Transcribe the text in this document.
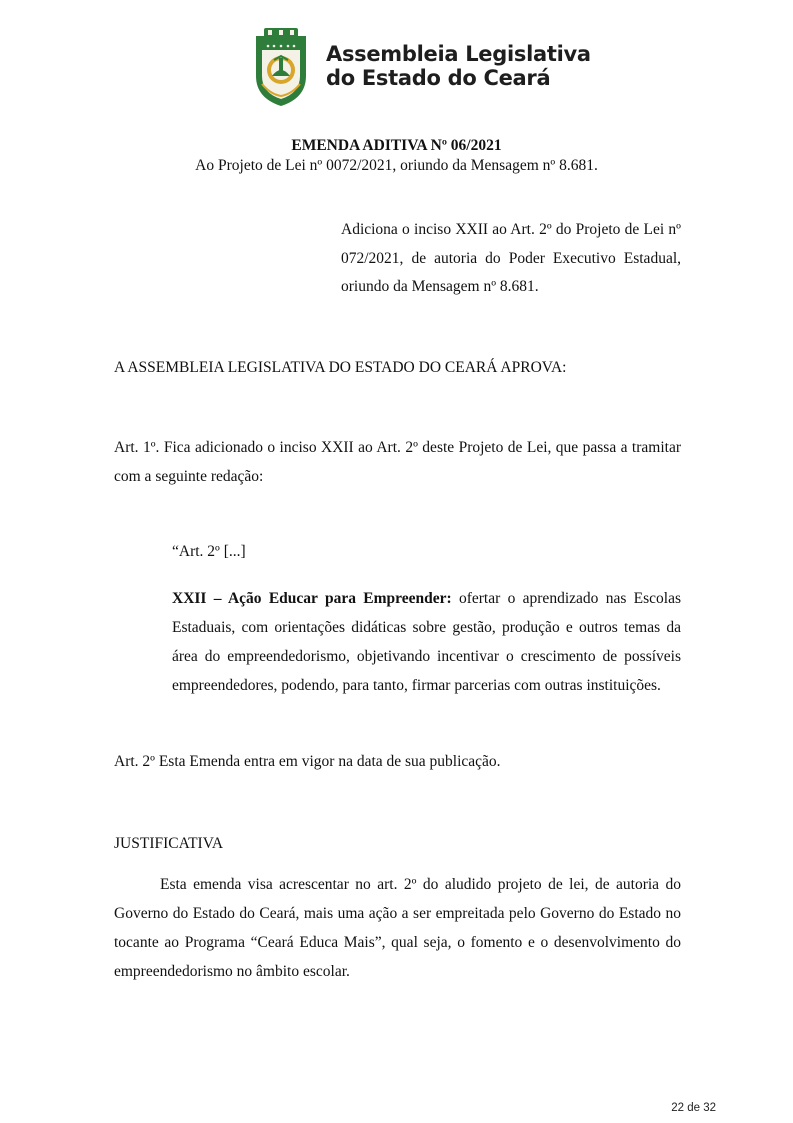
Assembleia Legislativa
do Estado do Ceará
EMENDA ADITIVA Nº 06/2021
Ao Projeto de Lei nº 0072/2021, oriundo da Mensagem nº 8.681.
Adiciona o inciso XXII ao Art. 2º do Projeto de Lei nº 072/2021, de autoria do Poder Executivo Estadual, oriundo da Mensagem nº 8.681.
A ASSEMBLEIA LEGISLATIVA DO ESTADO DO CEARÁ APROVA:
Art. 1º. Fica adicionado o inciso XXII ao Art. 2º deste Projeto de Lei, que passa a tramitar com a seguinte redação:
“Art. 2º [...]
XXII – Ação Educar para Empreender: ofertar o aprendizado nas Escolas Estaduais, com orientações didáticas sobre gestão, produção e outros temas da área do empreendedorismo, objetivando incentivar o crescimento de possíveis empreendedores, podendo, para tanto, firmar parcerias com outras instituições.
Art. 2º Esta Emenda entra em vigor na data de sua publicação.
JUSTIFICATIVA
Esta emenda visa acrescentar no art. 2º do aludido projeto de lei, de autoria do Governo do Estado do Ceará, mais uma ação a ser empreitada pelo Governo do Estado no tocante ao Programa “Ceará Educa Mais”, qual seja, o fomento e o desenvolvimento do empreendedorismo no âmbito escolar.
22 de 32
